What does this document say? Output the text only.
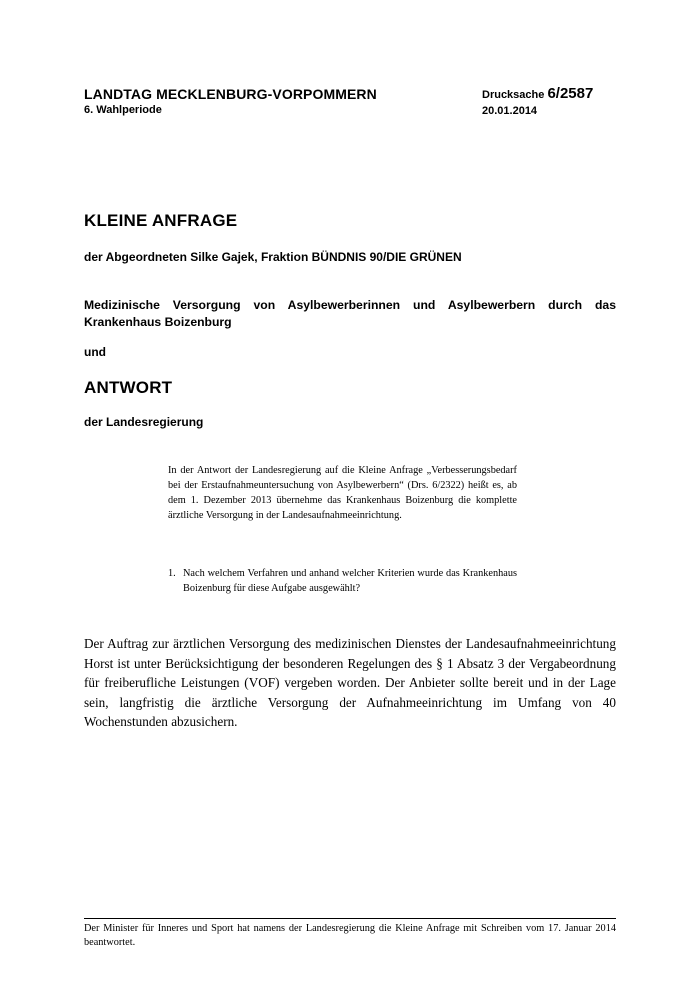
LANDTAG MECKLENBURG-VORPOMMERN
6. Wahlperiode
Drucksache 6/2587
20.01.2014
KLEINE ANFRAGE
der Abgeordneten Silke Gajek, Fraktion BÜNDNIS 90/DIE GRÜNEN
Medizinische Versorgung von Asylbewerberinnen und Asylbewerbern durch das Krankenhaus Boizenburg
und
ANTWORT
der Landesregierung
In der Antwort der Landesregierung auf die Kleine Anfrage „Verbesserungsbedarf bei der Erstaufnahmeuntersuchung von Asylbewerbern“ (Drs. 6/2322) heißt es, ab dem 1. Dezember 2013 übernehme das Krankenhaus Boizenburg die komplette ärztliche Versorgung in der Landesaufnahmeeinrichtung.
1. Nach welchem Verfahren und anhand welcher Kriterien wurde das Krankenhaus Boizenburg für diese Aufgabe ausgewählt?
Der Auftrag zur ärztlichen Versorgung des medizinischen Dienstes der Landesaufnahmeeinrichtung Horst ist unter Berücksichtigung der besonderen Regelungen des § 1 Absatz 3 der Vergabeordnung für freiberufliche Leistungen (VOF) vergeben worden. Der Anbieter sollte bereit und in der Lage sein, langfristig die ärztliche Versorgung der Aufnahmeeinrichtung im Umfang von 40 Wochenstunden abzusichern.
Der Minister für Inneres und Sport hat namens der Landesregierung die Kleine Anfrage mit Schreiben vom 17. Januar 2014 beantwortet.
